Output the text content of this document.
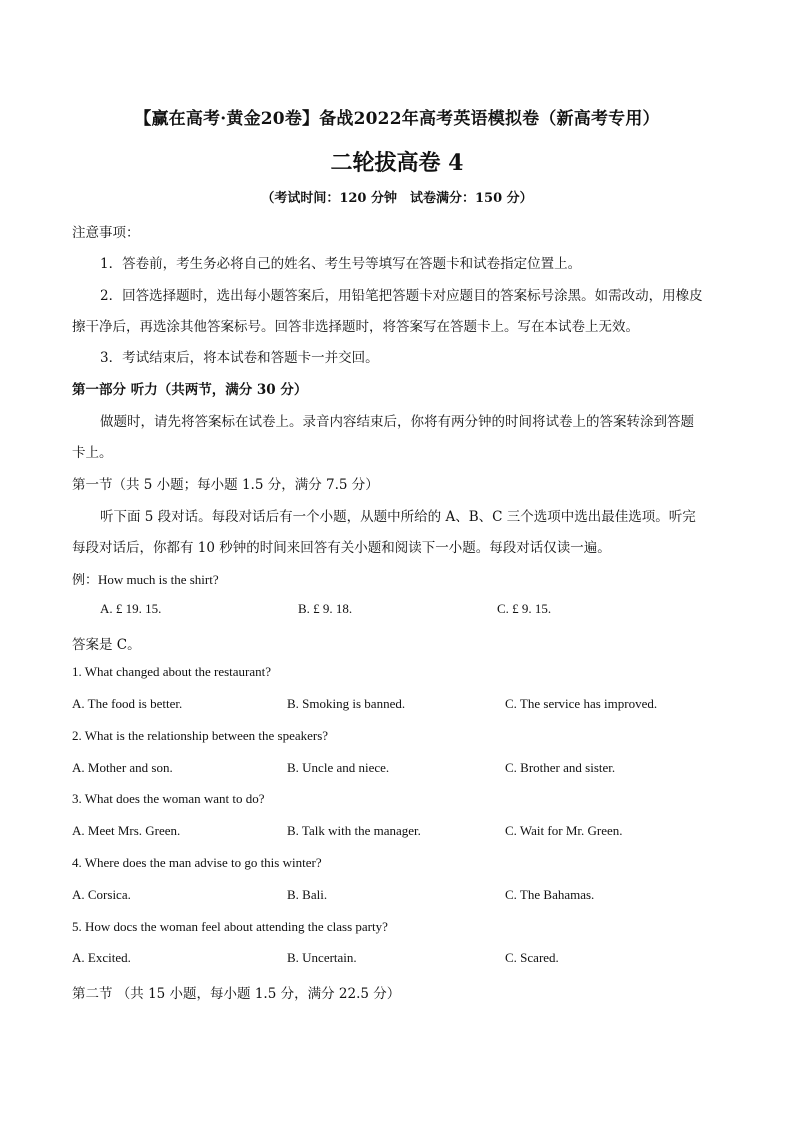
【赢在高考·黄金20卷】备战2022年高考英语模拟卷（新高考专用）
二轮拔高卷 4
（考试时间：120 分钟　试卷满分：150 分）
注意事项：
1．答卷前，考生务必将自己的姓名、考生号等填写在答题卡和试卷指定位置上。
2．回答选择题时，选出每小题答案后，用铅笔把答题卡对应题目的答案标号涂黑。如需改动，用橡皮
擦干净后，再选涂其他答案标号。回答非选择题时，将答案写在答题卡上。写在本试卷上无效。
3．考试结束后，将本试卷和答题卡一并交回。
第一部分 听力（共两节，满分 30 分）
做题时，请先将答案标在试卷上。录音内容结束后，你将有两分钟的时间将试卷上的答案转涂到答题
卡上。
第一节（共 5 小题；每小题 1.5 分，满分 7.5 分）
听下面 5 段对话。每段对话后有一个小题，从题中所给的 A、B、C 三个选项中选出最佳选项。听完
每段对话后，你都有 10 秒钟的时间来回答有关小题和阅读下一小题。每段对话仅读一遍。
例：How much is the shirt?
A. £ 19. 15.	B. £ 9. 18.	C. £ 9. 15.
答案是 C。
1. What changed about the restaurant?
A. The food is better.	B. Smoking is banned.	C. The service has improved.
2. What is the relationship between the speakers?
A. Mother and son.	B. Uncle and niece.	C. Brother and sister.
3. What does the woman want to do?
A. Meet Mrs. Green.	B. Talk with the manager.	C. Wait for Mr. Green.
4. Where does the man advise to go this winter?
A. Corsica.	B. Bali.	C. The Bahamas.
5. How docs the woman feel about attending the class party?
A. Excited.	B. Uncertain.	C. Scared.
第二节 （共 15 小题，每小题 1.5 分，满分 22.5 分）
